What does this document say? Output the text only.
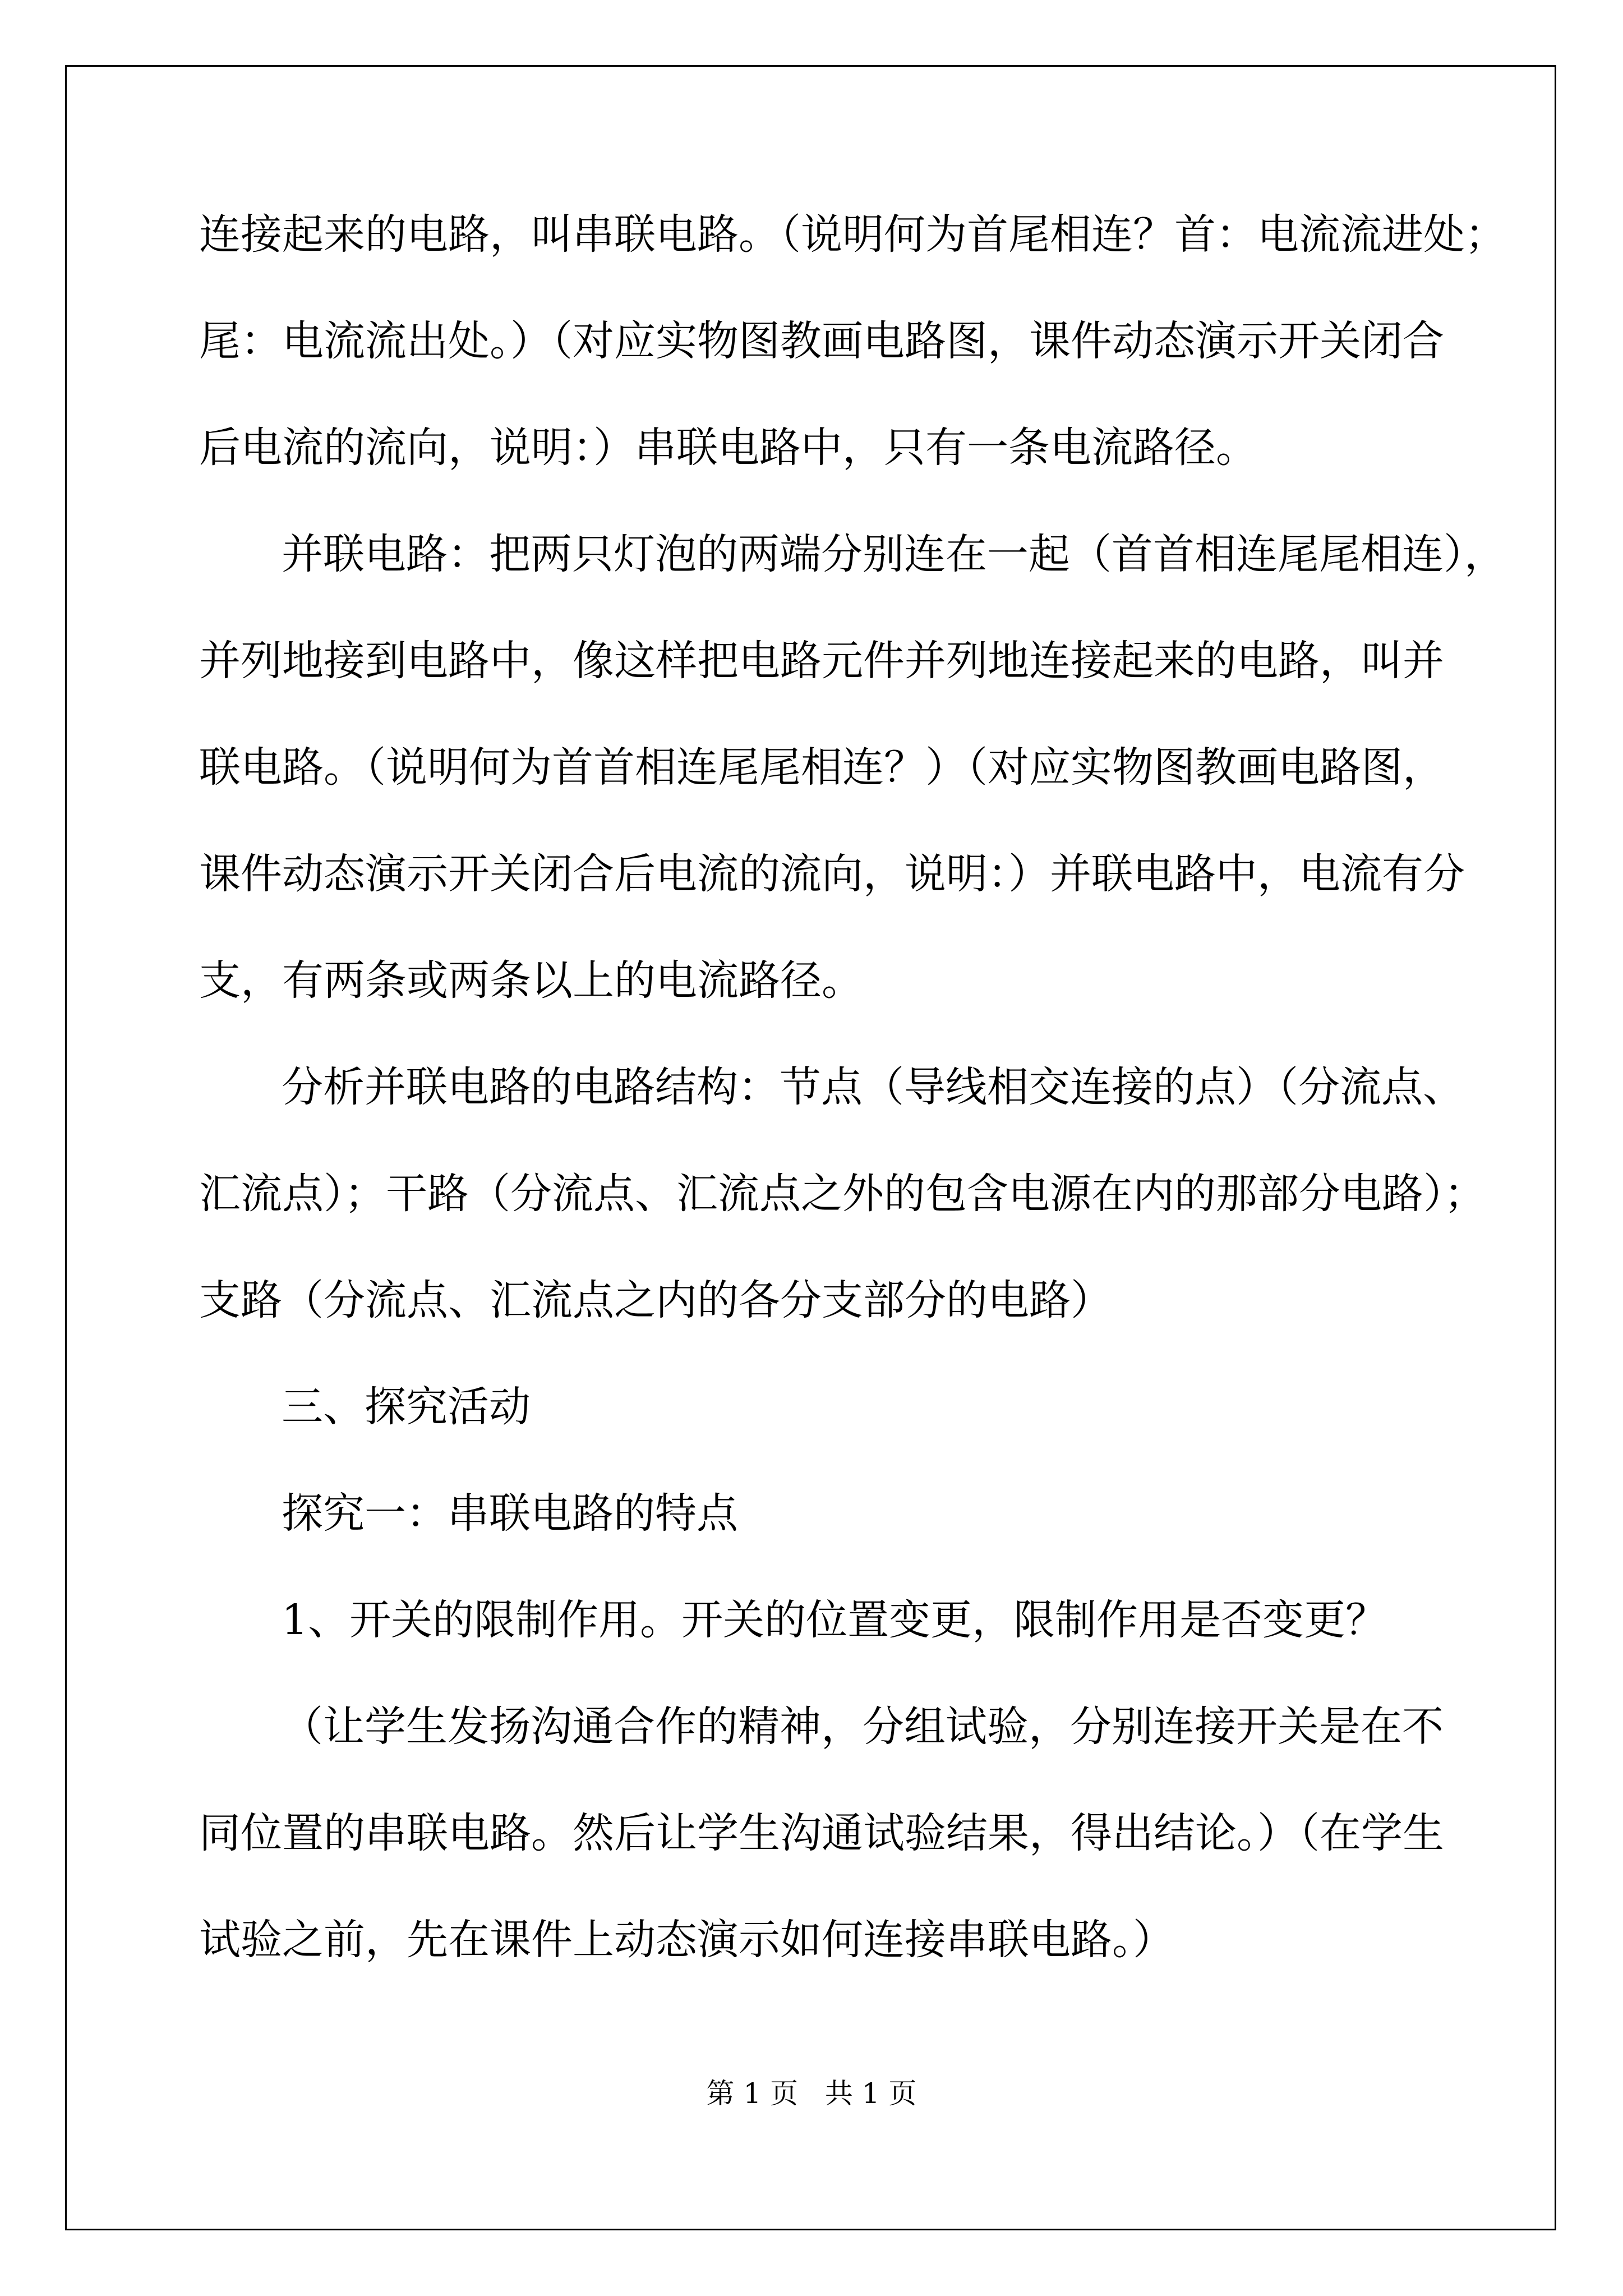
连接起来的电路，叫串联电路。（说明何为首尾相连？首：电流流进处；

尾：电流流出处。）（对应实物图教画电路图，课件动态演示开关闭合

后电流的流向，说明：）串联电路中，只有一条电流路径。

并联电路：把两只灯泡的两端分别连在一起（首首相连尾尾相连），

并列地接到电路中，像这样把电路元件并列地连接起来的电路，叫并

联电路。（说明何为首首相连尾尾相连？）（对应实物图教画电路图，

课件动态演示开关闭合后电流的流向，说明：）并联电路中，电流有分

支，有两条或两条以上的电流路径。

分析并联电路的电路结构：节点（导线相交连接的点）（分流点、

汇流点）；干路（分流点、汇流点之外的包含电源在内的那部分电路）；

支路（分流点、汇流点之内的各分支部分的电路）

三、探究活动

探究一：串联电路的特点

1、开关的限制作用。开关的位置变更，限制作用是否变更？

（让学生发扬沟通合作的精神，分组试验，分别连接开关是在不

同位置的串联电路。然后让学生沟通试验结果，得出结论。）（在学生

试验之前，先在课件上动态演示如何连接串联电路。）

第 1 页   共 1 页
